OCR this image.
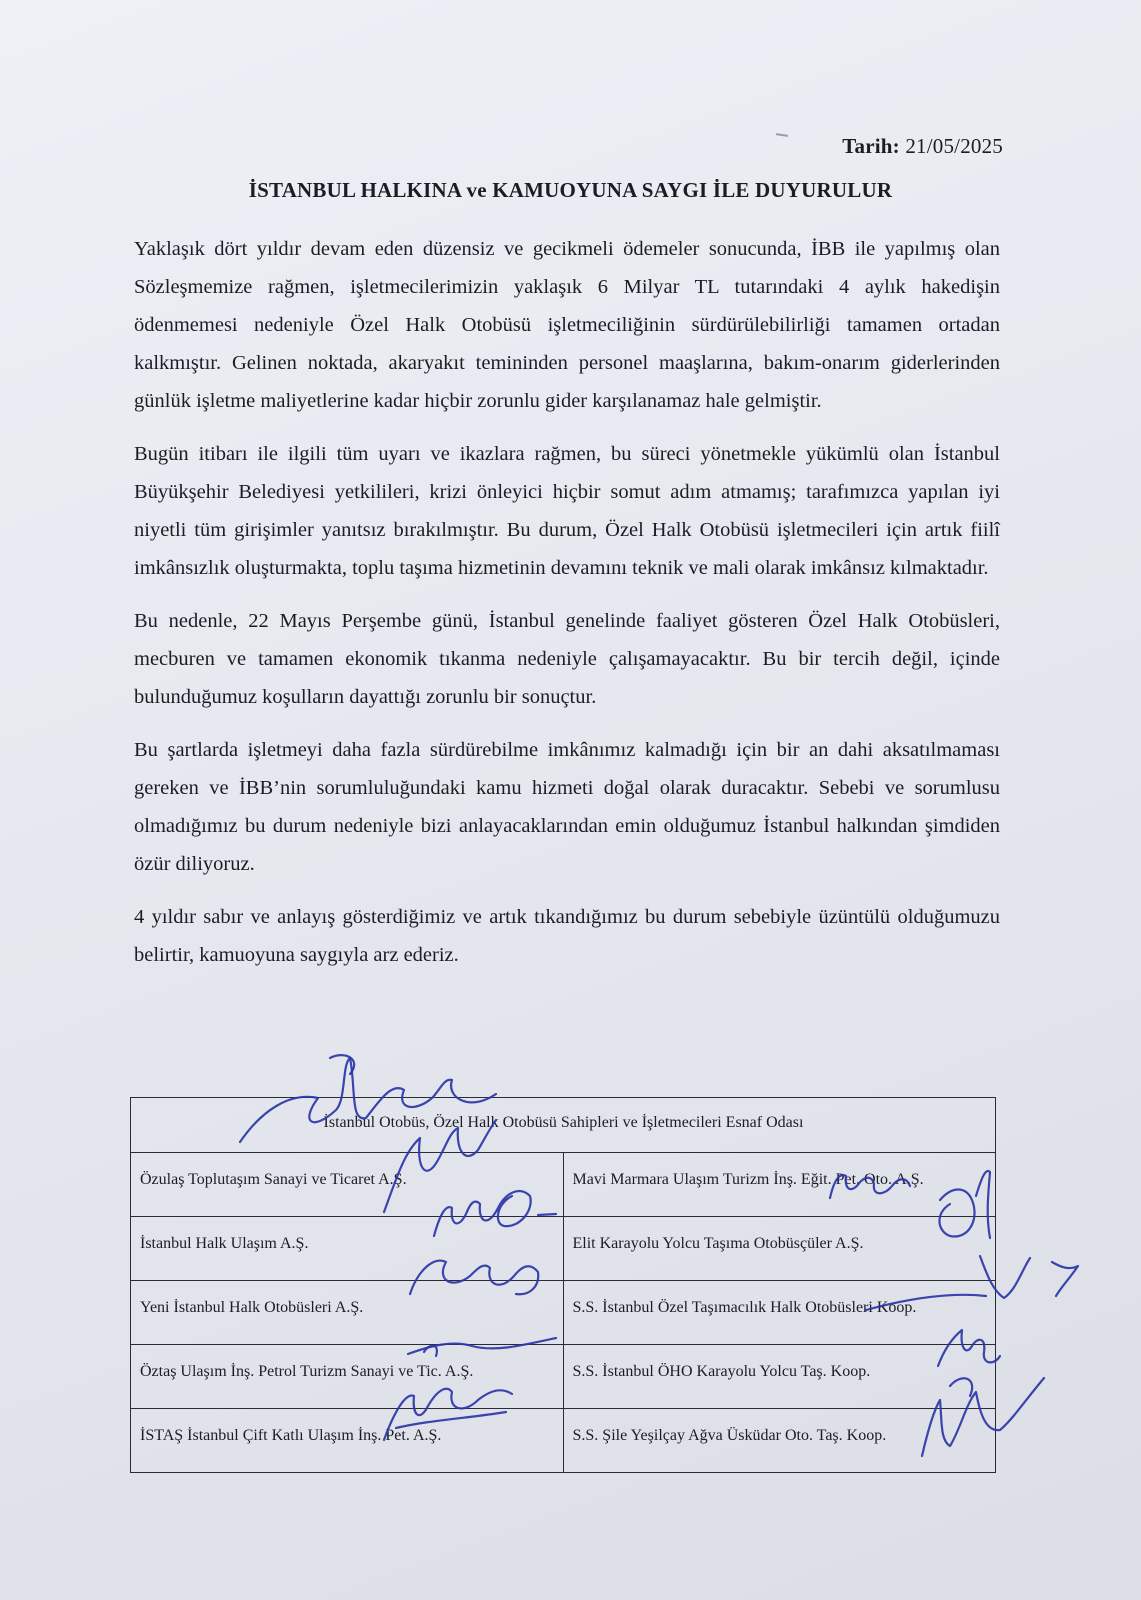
Tarih: 21/05/2025
İSTANBUL HALKINA ve KAMUOYUNA SAYGI İLE DUYURULUR

Yaklaşık dört yıldır devam eden düzensiz ve gecikmeli ödemeler sonucunda, İBB ile yapılmış olan Sözleşmemize rağmen, işletmecilerimizin yaklaşık 6 Milyar TL tutarındaki 4 aylık hakedişin ödenmemesi nedeniyle Özel Halk Otobüsü işletmeciliğinin sürdürülebilirliği tamamen ortadan kalkmıştır. Gelinen noktada, akaryakıt temininden personel maaşlarına, bakım-onarım giderlerinden günlük işletme maliyetlerine kadar hiçbir zorunlu gider karşılanamaz hale gelmiştir.

Bugün itibarı ile ilgili tüm uyarı ve ikazlara rağmen, bu süreci yönetmekle yükümlü olan İstanbul Büyükşehir Belediyesi yetkilileri, krizi önleyici hiçbir somut adım atmamış; tarafımızca yapılan iyi niyetli tüm girişimler yanıtsız bırakılmıştır. Bu durum, Özel Halk Otobüsü işletmecileri için artık fiilî imkânsızlık oluşturmakta, toplu taşıma hizmetinin devamını teknik ve mali olarak imkânsız kılmaktadır.

Bu nedenle, 22 Mayıs Perşembe günü, İstanbul genelinde faaliyet gösteren Özel Halk Otobüsleri, mecburen ve tamamen ekonomik tıkanma nedeniyle çalışamayacaktır. Bu bir tercih değil, içinde bulunduğumuz koşulların dayattığı zorunlu bir sonuçtur.

Bu şartlarda işletmeyi daha fazla sürdürebilme imkânımız kalmadığı için bir an dahi aksatılmaması gereken ve İBB’nin sorumluluğundaki kamu hizmeti doğal olarak duracaktır. Sebebi ve sorumlusu olmadığımız bu durum nedeniyle bizi anlayacaklarından emin olduğumuz İstanbul halkından şimdiden özür diliyoruz.

4 yıldır sabır ve anlayış gösterdiğimiz ve artık tıkandığımız bu durum sebebiyle üzüntülü olduğumuzu belirtir, kamuoyuna saygıyla arz ederiz.

İstanbul Otobüs, Özel Halk Otobüsü Sahipleri ve İşletmecileri Esnaf Odası	
Özulaş Toplutaşım Sanayi ve Ticaret A.Ş.	Mavi Marmara Ulaşım Turizm İnş. Eğit. Pet. Oto. A.Ş.
İstanbul Halk Ulaşım A.Ş.	Elit Karayolu Yolcu Taşıma Otobüsçüler A.Ş.
Yeni İstanbul Halk Otobüsleri A.Ş.	S.S. İstanbul Özel Taşımacılık Halk Otobüsleri Koop.
Öztaş Ulaşım İnş. Petrol Turizm Sanayi ve Tic. A.Ş.	S.S. İstanbul ÖHO Karayolu Yolcu Taş. Koop.
İSTAŞ İstanbul Çift Katlı Ulaşım İnş. Pet. A.Ş.	S.S. Şile Yeşilçay Ağva Üsküdar Oto. Taş. Koop.
